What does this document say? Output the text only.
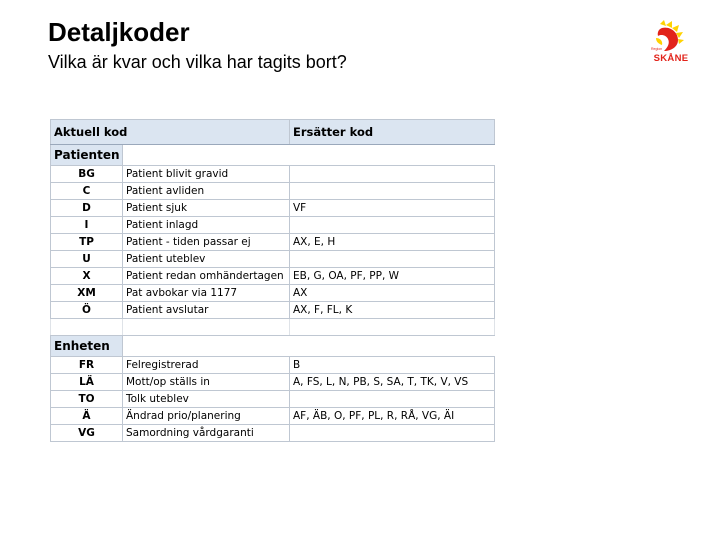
Detaljkoder
Vilka är kvar och vilka har tagits bort?
Region
SKÅNE
Aktuell kod		Ersätter kod
Patienten		
BG	Patient blivit gravid	
C	Patient avliden	
D	Patient sjuk	VF
I	Patient inlagd	
TP	Patient - tiden passar ej	AX, E, H
U	Patient uteblev	
X	Patient redan omhändertagen	EB, G, OA, PF, PP, W
XM	Pat avbokar via 1177	AX
Ö	Patient avslutar	AX, F, FL, K

Enheten		
FR	Felregistrerad	B
LÄ	Mott/op ställs in	A, FS, L, N, PB, S, SA, T, TK, V, VS
TO	Tolk uteblev	
Ä	Ändrad prio/planering	AF, ÄB, O, PF, PL, R, RÅ, VG, ÄI
VG	Samordning vårdgaranti	
